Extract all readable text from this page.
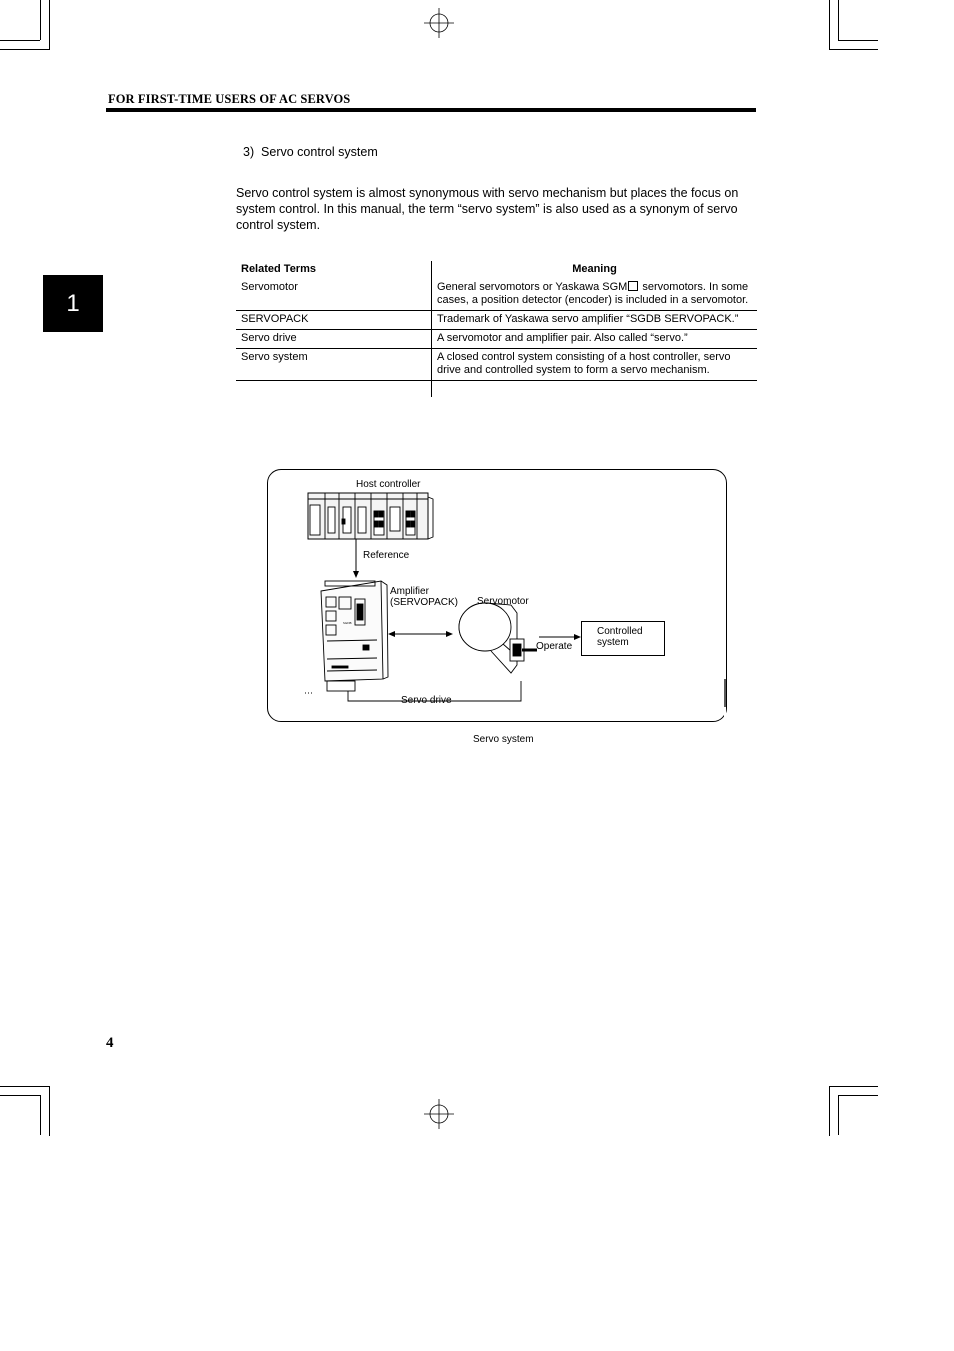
FOR FIRST-TIME USERS OF AC SERVOS
1
3)  Servo control system
Servo control system is almost synonymous with servo mechanism but places the focus on system control. In this manual, the term “servo system” is also used as a synonym of servo control system.
Related Terms	Meaning
Servomotor	General servomotors or Yaskawa SGM servomotors. In some cases, a position detector (encoder) is included in a servomotor.
SERVOPACK	Trademark of Yaskawa servo amplifier “SGDB SERVOPACK.”
Servo drive	A servomotor and amplifier pair. Also called “servo.”
Servo system	A closed control system consisting of a host controller, servo drive and controlled system to form a servo mechanism.

SGDB
Host controller
Reference
Amplifier
(SERVOPACK) Servomotor
Operate
Controlled
system
Servo drive
Servo system
4
